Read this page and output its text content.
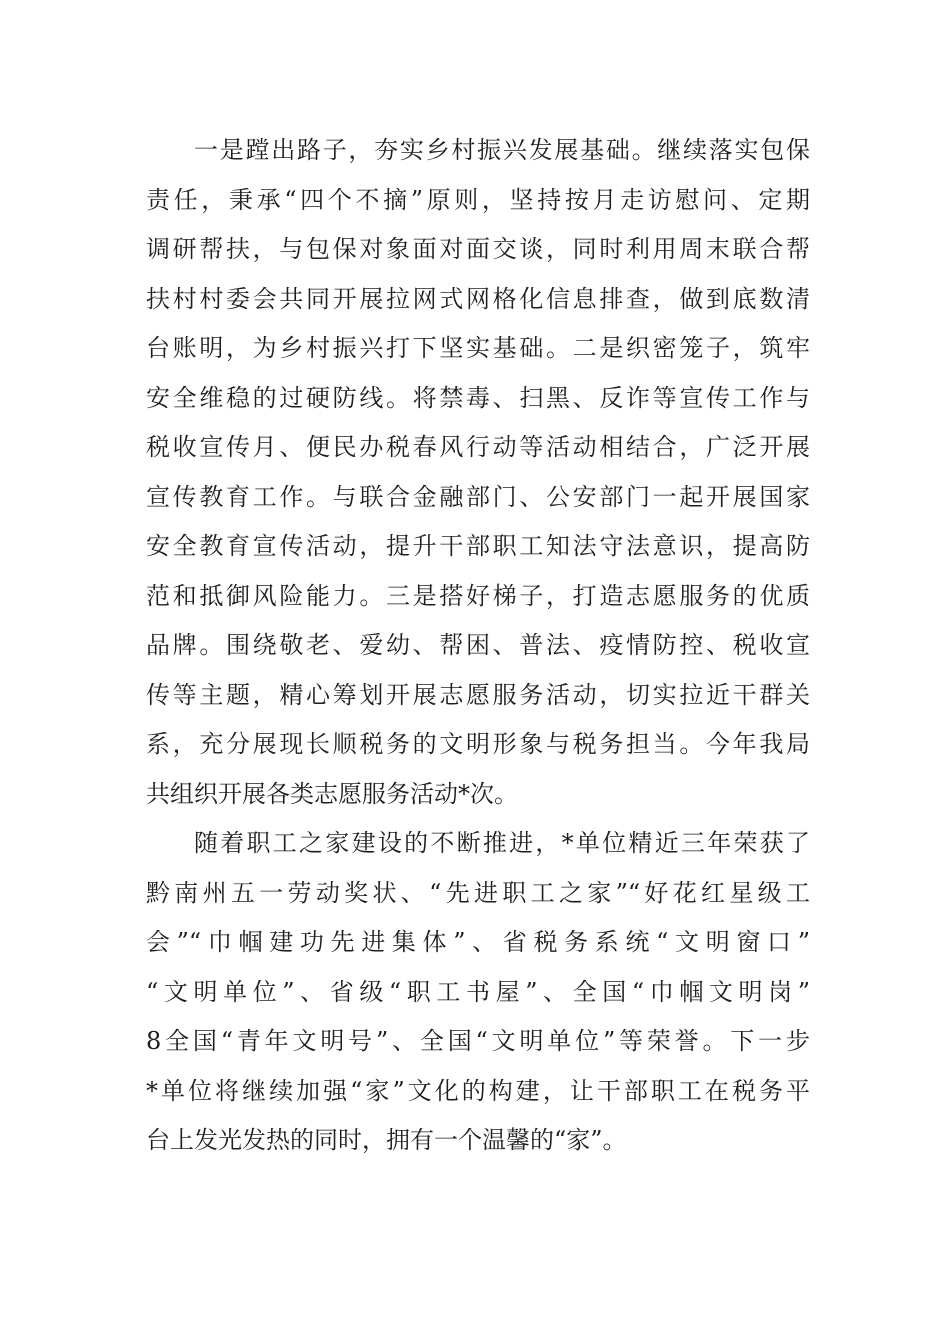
一是蹚出路子，夯实乡村振兴发展基础。继续落实包保
责任，秉承“四个不摘”原则，坚持按月走访慰问、定期
调研帮扶，与包保对象面对面交谈，同时利用周末联合帮
扶村村委会共同开展拉网式网格化信息排查，做到底数清
台账明，为乡村振兴打下坚实基础。二是织密笼子，筑牢
安全维稳的过硬防线。将禁毒、扫黑、反诈等宣传工作与
税收宣传月、便民办税春风行动等活动相结合，广泛开展
宣传教育工作。与联合金融部门、公安部门一起开展国家
安全教育宣传活动，提升干部职工知法守法意识，提高防
范和抵御风险能力。三是搭好梯子，打造志愿服务的优质
品牌。围绕敬老、爱幼、帮困、普法、疫情防控、税收宣
传等主题，精心筹划开展志愿服务活动，切实拉近干群关
系，充分展现长顺税务的文明形象与税务担当。今年我局
共组织开展各类志愿服务活动*次。
随着职工之家建设的不断推进，*单位精近三年荣获了
黔南州五一劳动奖状、“先进职工之家”“好花红星级工
会”“巾帼建功先进集体”、省税务系统“文明窗口”
“文明单位”、省级“职工书屋”、全国“巾帼文明岗”
8全国“青年文明号”、全国“文明单位”等荣誉。下一步
*单位将继续加强“家”文化的构建，让干部职工在税务平
台上发光发热的同时，拥有一个温馨的“家”。
